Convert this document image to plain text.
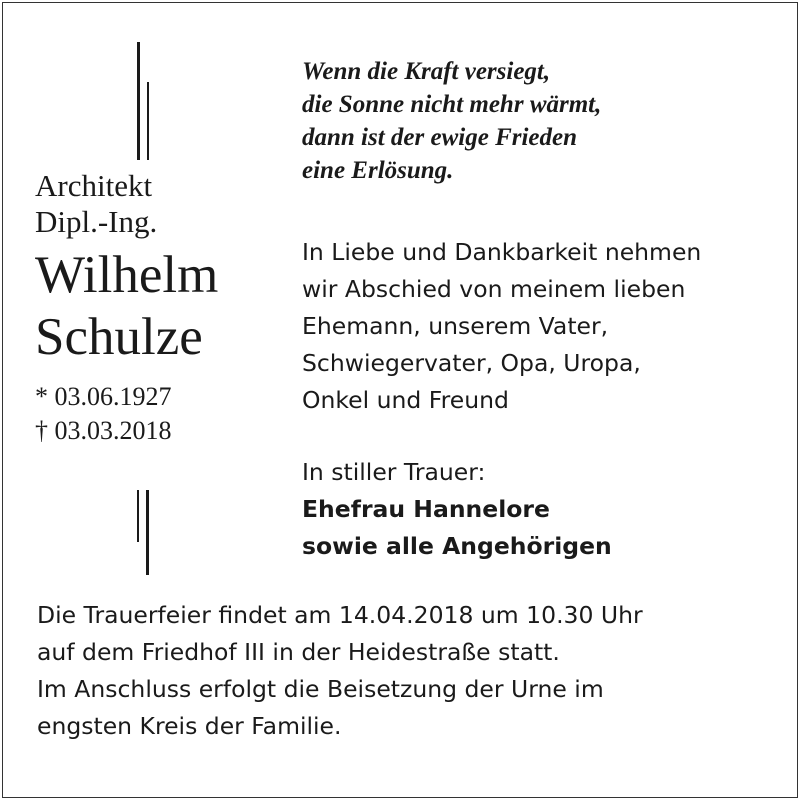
Architekt

Dipl.-Ing.

Wilhelm

Schulze

* 03.06.1927

† 03.03.2018

Wenn die Kraft versiegt,
die Sonne nicht mehr wärmt,
dann ist der ewige Frieden
eine Erlösung.
In Liebe und Dankbarkeit nehmen
wir Abschied von meinem lieben
Ehemann, unserem Vater,
Schwiegervater, Opa, Uropa,
Onkel und Freund
In stiller Trauer:
Ehefrau Hannelore
sowie alle Angehörigen
Die Trauerfeier findet am 14.04.2018 um 10.30 Uhr
auf dem Friedhof III in der Heidestraße statt.
Im Anschluss erfolgt die Beisetzung der Urne im
engsten Kreis der Familie.
